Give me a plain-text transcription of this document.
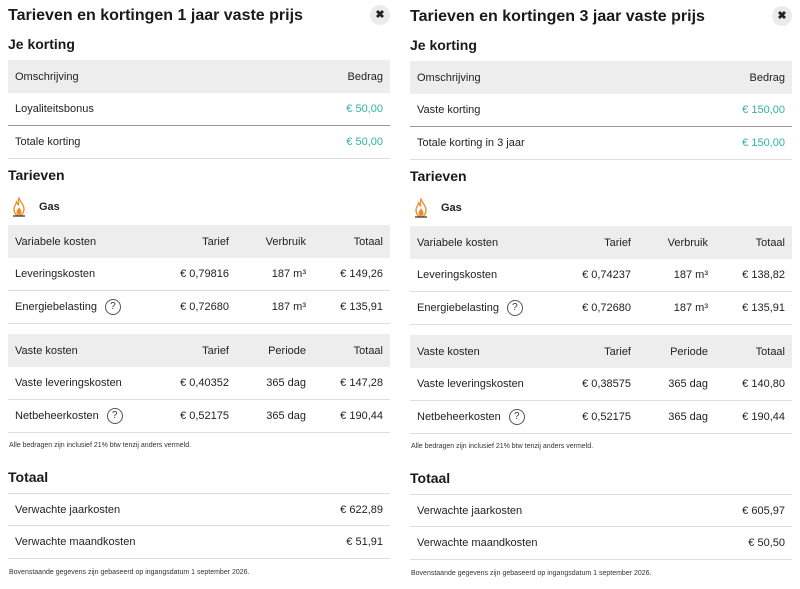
Tarieven en kortingen 1 jaar vaste prijs	✖
Je korting
Omschrijving	Bedrag
Loyaliteitsbonus	€ 50,00
Totale korting	€ 50,00
Tarieven
Gas
Variabele kosten	Tarief	Verbruik	Totaal
Leveringskosten	€ 0,79816	187 m³	€ 149,26
Energiebelasting	?	€ 0,72680	187 m³	€ 135,91
Vaste kosten	Tarief	Periode	Totaal
Vaste leveringskosten	€ 0,40352	365 dag	€ 147,28
Netbeheerkosten	?	€ 0,52175	365 dag	€ 190,44
Alle bedragen zijn inclusief 21% btw tenzij anders vermeld.
Totaal
Verwachte jaarkosten	€ 622,89
Verwachte maandkosten	€ 51,91
Bovenstaande gegevens zijn gebaseerd op ingangsdatum 1 september 2026.
Tarieven en kortingen 3 jaar vaste prijs	✖
Je korting
Omschrijving	Bedrag
Vaste korting	€ 150,00
Totale korting in 3 jaar	€ 150,00
Tarieven
Gas
Variabele kosten	Tarief	Verbruik	Totaal
Leveringskosten	€ 0,74237	187 m³	€ 138,82
Energiebelasting	?	€ 0,72680	187 m³	€ 135,91
Vaste kosten	Tarief	Periode	Totaal
Vaste leveringskosten	€ 0,38575	365 dag	€ 140,80
Netbeheerkosten	?	€ 0,52175	365 dag	€ 190,44
Alle bedragen zijn inclusief 21% btw tenzij anders vermeld.
Totaal
Verwachte jaarkosten	€ 605,97
Verwachte maandkosten	€ 50,50
Bovenstaande gegevens zijn gebaseerd op ingangsdatum 1 september 2026.
